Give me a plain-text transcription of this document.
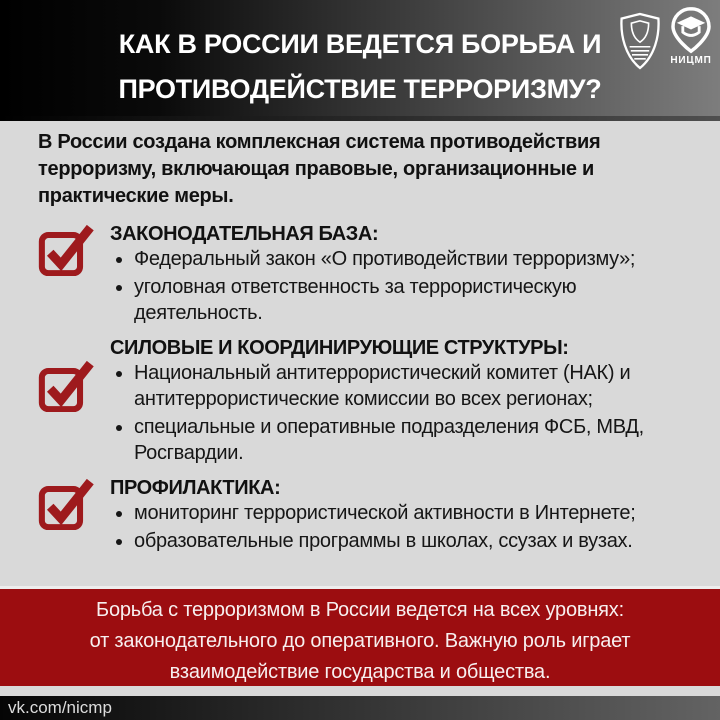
КАК В РОССИИ ВЕДЕТСЯ БОРЬБА И
ПРОТИВОДЕЙСТВИЕ ТЕРРОРИЗМУ?
НИЦМП

В России создана комплексная система противодействия
терроризму, включающая правовые, организационные и
практические меры.

ЗАКОНОДАТЕЛЬНАЯ БАЗА:
• Федеральный закон «О противодействии терроризму»;
• уголовная ответственность за террористическую деятельность.
СИЛОВЫЕ И КООРДИНИРУЮЩИЕ СТРУКТУРЫ:
• Национальный антитеррористический комитет (НАК) и антитеррористические комиссии во всех регионах;
• специальные и оперативные подразделения ФСБ, МВД, Росгвардии.
ПРОФИЛАКТИКА:
• мониторинг террористической активности в Интернете;
• образовательные программы в школах, ссузах и вузах.
Борьба с терроризмом в России ведется на всех уровнях:
от законодательного до оперативного. Важную роль играет
взаимодействие государства и общества.
vk.com/nicmp
